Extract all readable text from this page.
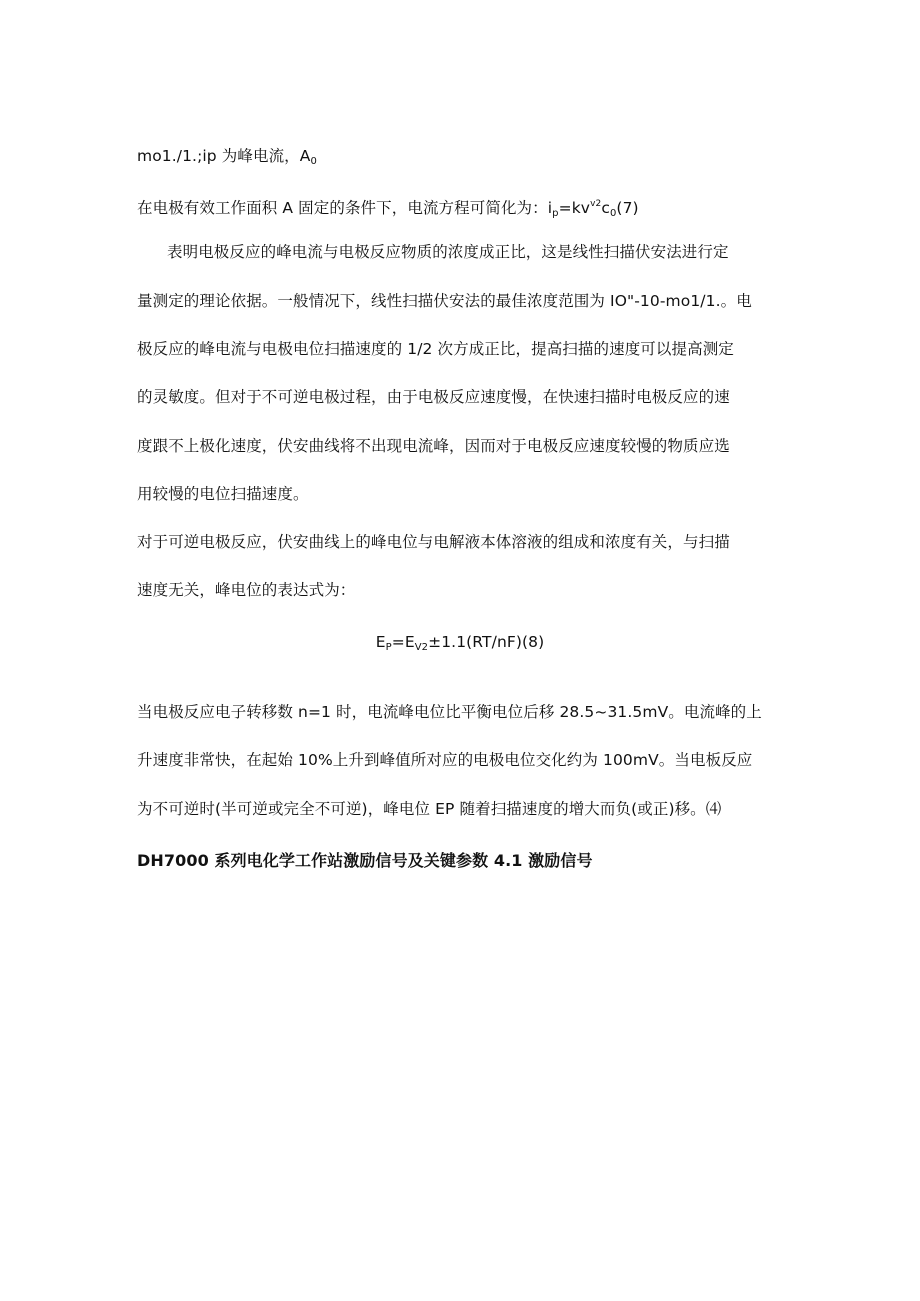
mo1./1.;ip 为峰电流，$A_0$
在电极有效工作面积 A 固定的条件下，电流方程可简化为：$i_p=kv^{v2}c_0(7)$
表明电极反应的峰电流与电极反应物质的浓度成正比，这是线性扫描伏安法进行定
量测定的理论依据。一般情况下，线性扫描伏安法的最佳浓度范围为 IO"-10-mo1∕1.。电
极反应的峰电流与电极电位扫描速度的 1/2 次方成正比，提高扫描的速度可以提高测定
的灵敏度。但对于不可逆电极过程，由于电极反应速度慢，在快速扫描时电极反应的速
度跟不上极化速度，伏安曲线将不出现电流峰，因而对于电极反应速度较慢的物质应选
用较慢的电位扫描速度。
对于可逆电极反应，伏安曲线上的峰电位与电解液本体溶液的组成和浓度有关，与扫描
速度无关，峰电位的表达式为：
$E_P=E_{V2}\pm 1.1(RT∕nF)(8)$
当电极反应电子转移数 n=1 时，电流峰电位比平衡电位后移 28.5~31.5mV。电流峰的上
升速度非常快，在起始 10%上升到峰值所对应的电极电位交化约为 100mV。当电板反应
为不可逆时(半可逆或完全不可逆)，峰电位 EP 随着扫描速度的增大而负(或正)移。⑷
DH7000 系列电化学工作站激励信号及关键参数 4.1 激励信号
